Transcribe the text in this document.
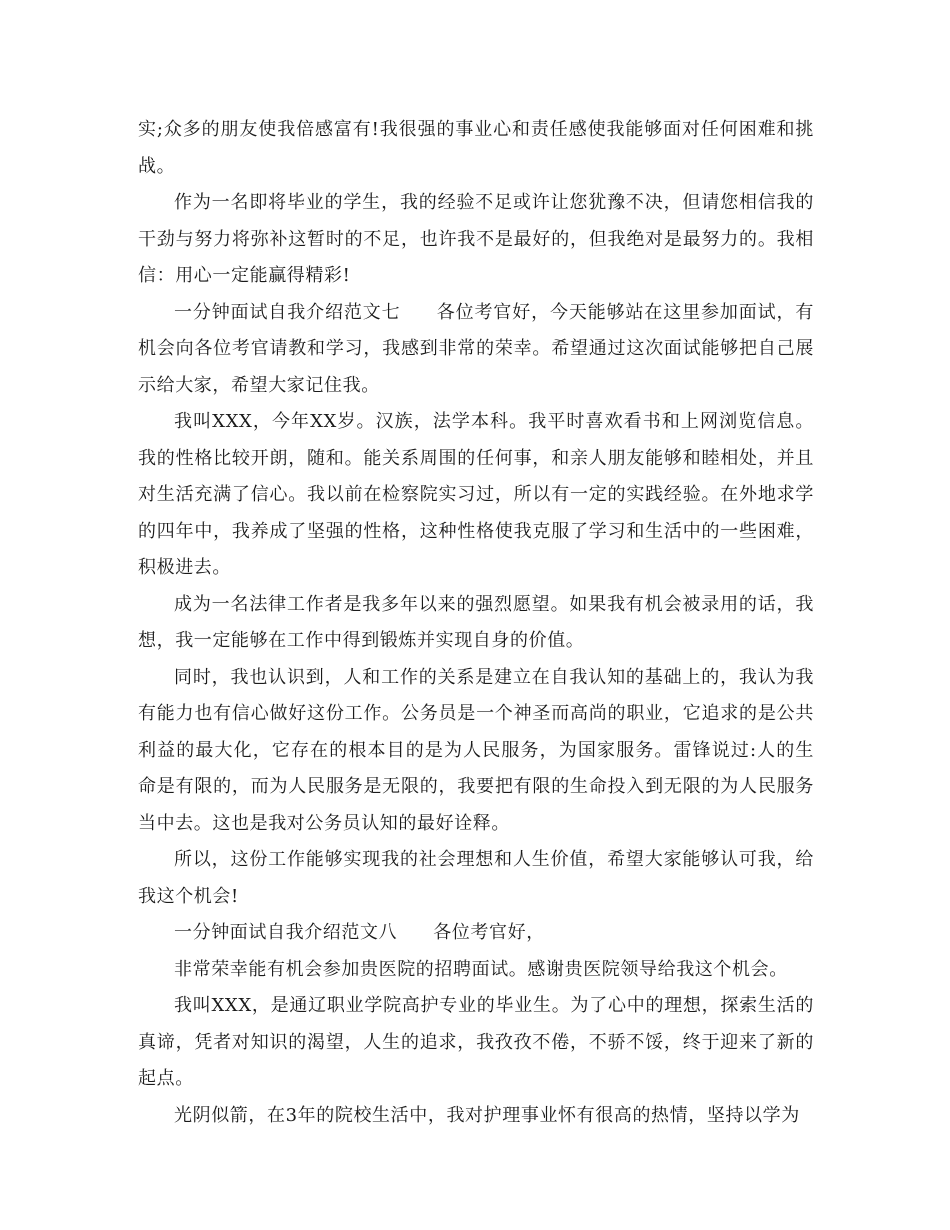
实;众多的朋友使我倍感富有!我很强的事业心和责任感使我能够面对任何困难和挑战。

作为一名即将毕业的学生，我的经验不足或许让您犹豫不决，但请您相信我的干劲与努力将弥补这暂时的不足，也许我不是最好的，但我绝对是最努力的。我相信：用心一定能赢得精彩!

一分钟面试自我介绍范文七 各位考官好，今天能够站在这里参加面试，有机会向各位考官请教和学习，我感到非常的荣幸。希望通过这次面试能够把自己展示给大家，希望大家记住我。

我叫XXX，今年XX岁。汉族，法学本科。我平时喜欢看书和上网浏览信息。我的性格比较开朗，随和。能关系周围的任何事，和亲人朋友能够和睦相处，并且对生活充满了信心。我以前在检察院实习过，所以有一定的实践经验。在外地求学的四年中，我养成了坚强的性格，这种性格使我克服了学习和生活中的一些困难，积极进去。

成为一名法律工作者是我多年以来的强烈愿望。如果我有机会被录用的话，我想，我一定能够在工作中得到锻炼并实现自身的价值。

同时，我也认识到，人和工作的关系是建立在自我认知的基础上的，我认为我有能力也有信心做好这份工作。公务员是一个神圣而高尚的职业，它追求的是公共利益的最大化，它存在的根本目的是为人民服务，为国家服务。雷锋说过:人的生命是有限的，而为人民服务是无限的，我要把有限的生命投入到无限的为人民服务当中去。这也是我对公务员认知的最好诠释。

所以，这份工作能够实现我的社会理想和人生价值，希望大家能够认可我，给我这个机会!

一分钟面试自我介绍范文八 各位考官好，

非常荣幸能有机会参加贵医院的招聘面试。感谢贵医院领导给我这个机会。

我叫XXX，是通辽职业学院高护专业的毕业生。为了心中的理想，探索生活的真谛，凭者对知识的渴望，人生的追求，我孜孜不倦，不骄不馁，终于迎来了新的起点。

光阴似箭，在3年的院校生活中，我对护理事业怀有很高的热情，坚持以学为
